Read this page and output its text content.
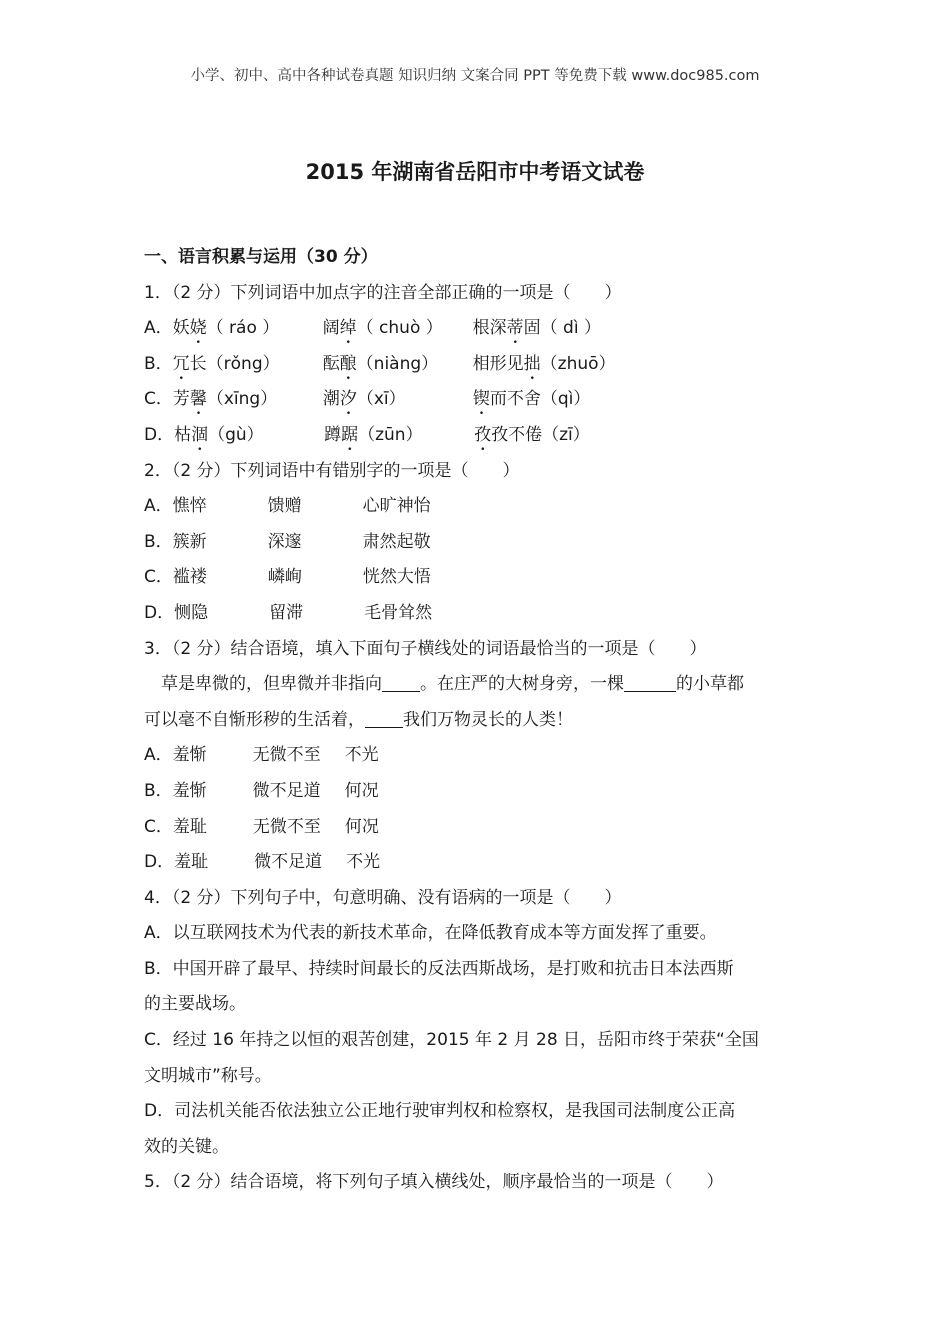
小学、初中、高中各种试卷真题 知识归纳 文案合同 PPT 等免费下载 www.doc985.com
2015 年湖南省岳阳市中考语文试卷
一、语言积累与运用（30 分）
1．（2 分）下列词语中加点字的注音全部正确的一项是（　　）
A．妖娆（ ráo ）	阔绰（ chuò ） 根深蒂固（ dì ）
B．冗长（rǒng）	酝酿（niàng） 相形见拙（zhuō）
C．芳馨（xīng）	潮汐（xī）	锲而不舍（qì）
D．枯涸（gù）	蹲踞（zūn）	孜孜不倦（zī）
2．（2 分）下列词语中有错别字的一项是（　　）
A．憔悴	馈赠	心旷神怡
B．簇新	深邃	肃然起敬
C．褴褛	嶙峋	恍然大悟
D．恻隐	留滞	毛骨耸然
3．（2 分）结合语境，填入下面句子横线处的词语最恰当的一项是（　　）
草是卑微的，但卑微并非指向 。在庄严的大树身旁，一棵	的小草都
可以毫不自惭形秽的生活着， 我们万物灵长的人类！
A．羞惭	无微不至 不光
B．羞惭	微不足道 何况
C．羞耻	无微不至 何况
D．羞耻	微不足道 不光
4．（2 分）下列句子中，句意明确、没有语病的一项是（　　）
A．以互联网技术为代表的新技术革命，在降低教育成本等方面发挥了重要。
B．中国开辟了最早、持续时间最长的反法西斯战场，是打败和抗击日本法西斯
的主要战场。
C．经过 16 年持之以恒的艰苦创建，2015 年 2 月 28 日，岳阳市终于荣获“全国
文明城市”称号。
D．司法机关能否依法独立公正地行驶审判权和检察权，是我国司法制度公正高
效的关键。
5．（2 分）结合语境，将下列句子填入横线处，顺序最恰当的一项是（　　）
